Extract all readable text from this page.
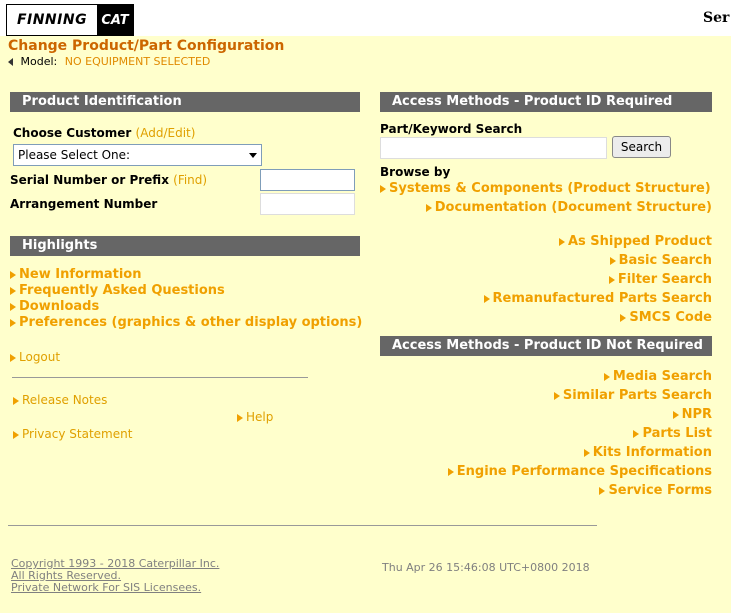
FINNING	CAT	Ser
Change Product/Part Configuration
Model: NO EQUIPMENT SELECTED
Product Identification
Choose Customer (Add/Edit)
Please Select One:
Serial Number or Prefix (Find)
Arrangement Number
Highlights
New Information
Frequently Asked Questions
Downloads
Preferences (graphics & other display options)
Logout
Release Notes
Help
Privacy Statement
Access Methods - Product ID Required
Part/Keyword Search
Search
Browse by
Systems & Components (Product Structure)
Documentation (Document Structure)
As Shipped Product
Basic Search
Filter Search
Remanufactured Parts Search
SMCS Code
Access Methods - Product ID Not Required
Media Search
Similar Parts Search
NPR
Parts List
Kits Information
Engine Performance Specifications
Service Forms
Copyright 1993 - 2018 Caterpillar Inc.
All Rights Reserved.
Private Network For SIS Licensees.
Thu Apr 26 15:46:08 UTC+0800 2018
